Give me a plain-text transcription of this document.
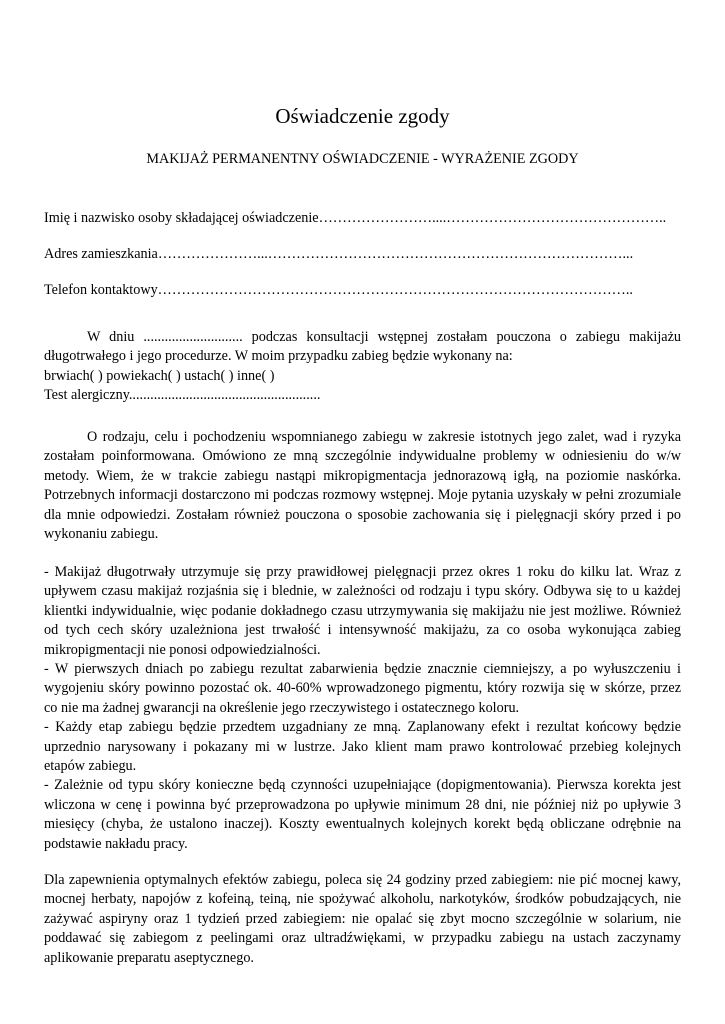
Oświadczenie zgody
MAKIJAŻ PERMANENTNY OŚWIADCZENIE - WYRAŻENIE ZGODY
Imię i nazwisko osoby składającej oświadczenie……………………....………………………………………..
Adres zamieszkania…………………...…………………………………………………………………...
Telefon kontaktowy………………………………………………………………………………………..

W dniu ............................ podczas konsultacji wstępnej zostałam pouczona o zabiegu makijażu długotrwałego i jego procedurze. W moim przypadku zabieg będzie wykonany na:

brwiach( ) powiekach( ) ustach( ) inne( )

Test alergiczny......................................................

O rodzaju, celu i pochodzeniu wspomnianego zabiegu w zakresie istotnych jego zalet, wad i ryzyka zostałam poinformowana. Omówiono ze mną szczególnie indywidualne problemy w odniesieniu do w/w metody. Wiem, że w trakcie zabiegu nastąpi mikropigmentacja jednorazową igłą, na poziomie naskórka. Potrzebnych informacji dostarczono mi podczas rozmowy wstępnej. Moje pytania uzyskały w pełni zrozumiale dla mnie odpowiedzi. Zostałam również pouczona o sposobie zachowania się i pielęgnacji skóry przed i po wykonaniu zabiegu.

- Makijaż długotrwały utrzymuje się przy prawidłowej pielęgnacji przez okres 1 roku do kilku lat. Wraz z upływem czasu makijaż rozjaśnia się i blednie, w zależności od rodzaju i typu skóry. Odbywa się to u każdej klientki indywidualnie, więc podanie dokładnego czasu utrzymywania się makijażu nie jest możliwe. Również od tych cech skóry uzależniona jest trwałość i intensywność makijażu, za co osoba wykonująca zabieg mikropigmentacji nie ponosi odpowiedzialności.

- W pierwszych dniach po zabiegu rezultat zabarwienia będzie znacznie ciemniejszy, a po wyłuszczeniu i wygojeniu skóry powinno pozostać ok. 40-60% wprowadzonego pigmentu, który rozwija się w skórze, przez co nie ma żadnej gwarancji na określenie jego rzeczywistego i ostatecznego koloru.

- Każdy etap zabiegu będzie przedtem uzgadniany ze mną. Zaplanowany efekt i rezultat końcowy będzie uprzednio narysowany i pokazany mi w lustrze. Jako klient mam prawo kontrolować przebieg kolejnych etapów zabiegu.

- Zależnie od typu skóry konieczne będą czynności uzupełniające (dopigmentowania). Pierwsza korekta jest wliczona w cenę i powinna być przeprowadzona po upływie minimum 28 dni, nie później niż po upływie 3 miesięcy (chyba, że ustalono inaczej). Koszty ewentualnych kolejnych korekt będą obliczane odrębnie na podstawie nakładu pracy.

Dla zapewnienia optymalnych efektów zabiegu, poleca się 24 godziny przed zabiegiem: nie pić mocnej kawy, mocnej herbaty, napojów z kofeiną, teiną, nie spożywać alkoholu, narkotyków, środków pobudzających, nie zażywać aspiryny oraz 1 tydzień przed zabiegiem: nie opalać się zbyt mocno szczególnie w solarium, nie poddawać się zabiegom z peelingami oraz ultradźwiękami, w przypadku zabiegu na ustach zaczynamy aplikowanie preparatu aseptycznego.
